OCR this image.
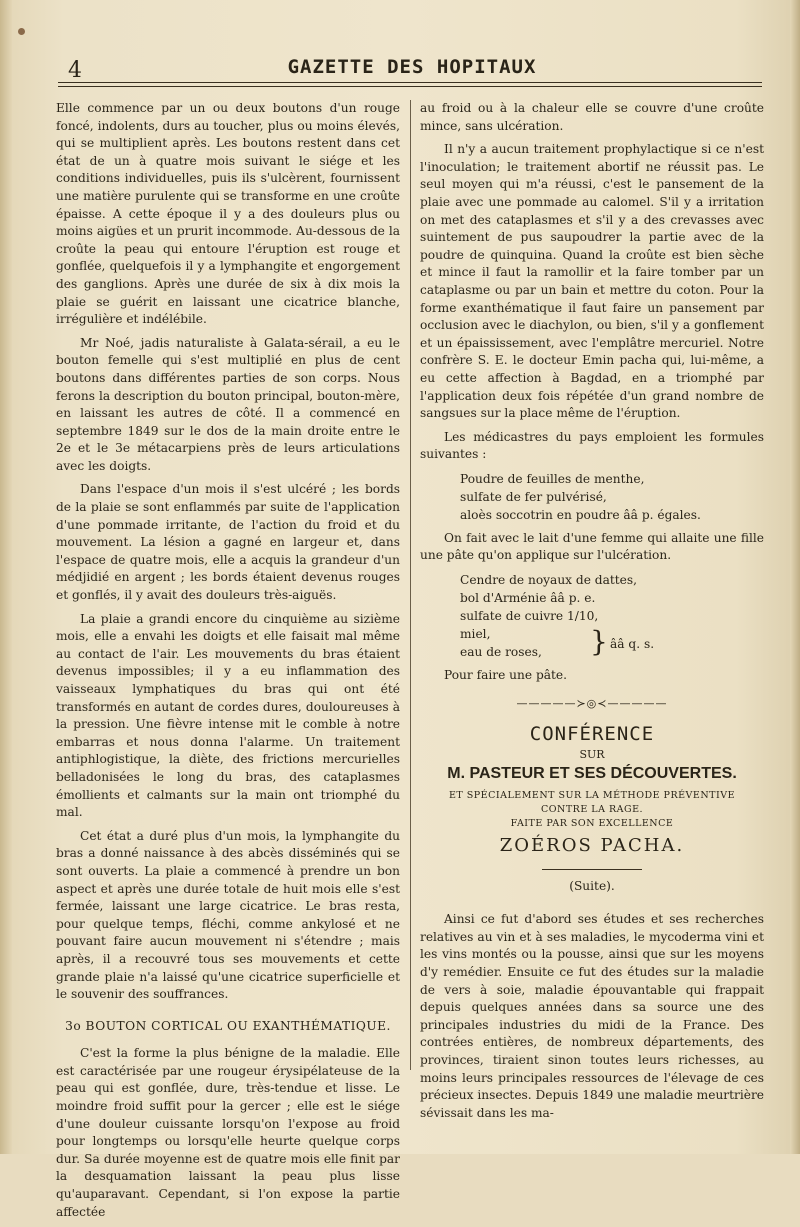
4	GAZETTE DES HOPITAUX

Elle commence par un ou deux boutons d'un rouge foncé, indolents, durs au toucher, plus ou moins élevés, qui se multiplient après. Les boutons restent dans cet état de un à quatre mois suivant le siége et les conditions individuelles, puis ils s'ulcèrent, fournissent une matière purulente qui se transforme en une croûte épaisse. A cette époque il y a des douleurs plus ou moins aigües et un prurit incommode. Au-dessous de la croûte la peau qui entoure l'éruption est rouge et gonflée, quelquefois il y a lymphangite et engorgement des ganglions. Après une durée de six à dix mois la plaie se guérit en laissant une cicatrice blanche, irrégulière et indélébile.

Mr Noé, jadis naturaliste à Galata-sérail, a eu le bouton femelle qui s'est multiplié en plus de cent boutons dans différentes parties de son corps. Nous ferons la description du bouton principal, bouton-mère, en laissant les autres de côté. Il a commencé en septembre 1849 sur le dos de la main droite entre le 2e et le 3e métacarpiens près de leurs articulations avec les doigts.

Dans l'espace d'un mois il s'est ulcéré ; les bords de la plaie se sont enflammés par suite de l'application d'une pommade irritante, de l'action du froid et du mouvement. La lésion a gagné en largeur et, dans l'espace de quatre mois, elle a acquis la grandeur d'un médjidié en argent ; les bords étaient devenus rouges et gonflés, il y avait des douleurs très-aiguës.

La plaie a grandi encore du cinquième au sizième mois, elle a envahi les doigts et elle faisait mal même au contact de l'air. Les mouvements du bras étaient devenus impossibles; il y a eu inflammation des vaisseaux lymphatiques du bras qui ont été transformés en autant de cordes dures, douloureuses à la pression. Une fièvre intense mit le comble à notre embarras et nous donna l'alarme. Un traitement antiphlogistique, la diète, des frictions mercurielles belladonisées le long du bras, des cataplasmes émollients et calmants sur la main ont triomphé du mal.

Cet état a duré plus d'un mois, la lymphangite du bras a donné naissance à des abcès disséminés qui se sont ouverts. La plaie a commencé à prendre un bon aspect et après une durée totale de huit mois elle s'est fermée, laissant une large cicatrice. Le bras resta, pour quelque temps, fléchi, comme ankylosé et ne pouvant faire aucun mouvement ni s'étendre ; mais après, il a recouvré tous ses mouvements et cette grande plaie n'a laissé qu'une cicatrice superficielle et le souvenir des souffrances.

3o BOUTON CORTICAL OU EXANTHÉMATIQUE.

C'est la forme la plus bénigne de la maladie. Elle est caractérisée par une rougeur érysipélateuse de la peau qui est gonflée, dure, très-tendue et lisse. Le moindre froid suffit pour la gercer ; elle est le siége d'une douleur cuissante lorsqu'on l'expose au froid pour longtemps ou lorsqu'elle heurte quelque corps dur. Sa durée moyenne est de quatre mois elle finit par la desquamation laissant la peau plus lisse qu'auparavant. Cependant, si l'on expose la partie affectée

au froid ou à la chaleur elle se couvre d'une croûte mince, sans ulcération.

Il n'y a aucun traitement prophylactique si ce n'est l'inoculation; le traitement abortif ne réussit pas. Le seul moyen qui m'a réussi, c'est le pansement de la plaie avec une pommade au calomel. S'il y a irritation on met des cataplasmes et s'il y a des crevasses avec suintement de pus saupoudrer la partie avec de la poudre de quinquina. Quand la croûte est bien sèche et mince il faut la ramollir et la faire tomber par un cataplasme ou par un bain et mettre du coton. Pour la forme exanthématique il faut faire un pansement par occlusion avec le diachylon, ou bien, s'il y a gonflement et un épaississement, avec l'emplâtre mercuriel. Notre confrère S. E. le docteur Emin pacha qui, lui-même, a eu cette affection à Bagdad, en a triomphé par l'application deux fois répétée d'un grand nombre de sangsues sur la place même de l'éruption.

Les médicastres du pays emploient les formules suivantes :

Poudre de feuilles de menthe,
sulfate de fer pulvérisé,
aloès soccotrin en poudre ââ p. égales.

On fait avec le lait d'une femme qui allaite une fille une pâte qu'on applique sur l'ulcération.

Cendre de noyaux de dattes,
bol d'Arménie ââ p. e.
sulfate de cuivre 1/10,
miel,
eau de roses,	} ââ q. s.

Pour faire une pâte.

—————≻◎≺—————
CONFÉRENCE
SUR
M. PASTEUR ET SES DÉCOUVERTES.
ET SPÉCIALEMENT SUR LA MÉTHODE PRÉVENTIVE
CONTRE LA RAGE.
FAITE PAR SON EXCELLENCE
ZOÉROS PACHA.
(Suite).

Ainsi ce fut d'abord ses études et ses recherches relatives au vin et à ses maladies, le mycoderma vini et les vins montés ou la pousse, ainsi que sur les moyens d'y remédier. Ensuite ce fut des études sur la maladie de vers à soie, maladie épouvantable qui frappait depuis quelques années dans sa source une des principales industries du midi de la France. Des contrées entières, de nombreux départements, des provinces, tiraient sinon toutes leurs richesses, au moins leurs principales ressources de l'élevage de ces précieux insectes. Depuis 1849 une maladie meurtrière sévissait dans les ma-
